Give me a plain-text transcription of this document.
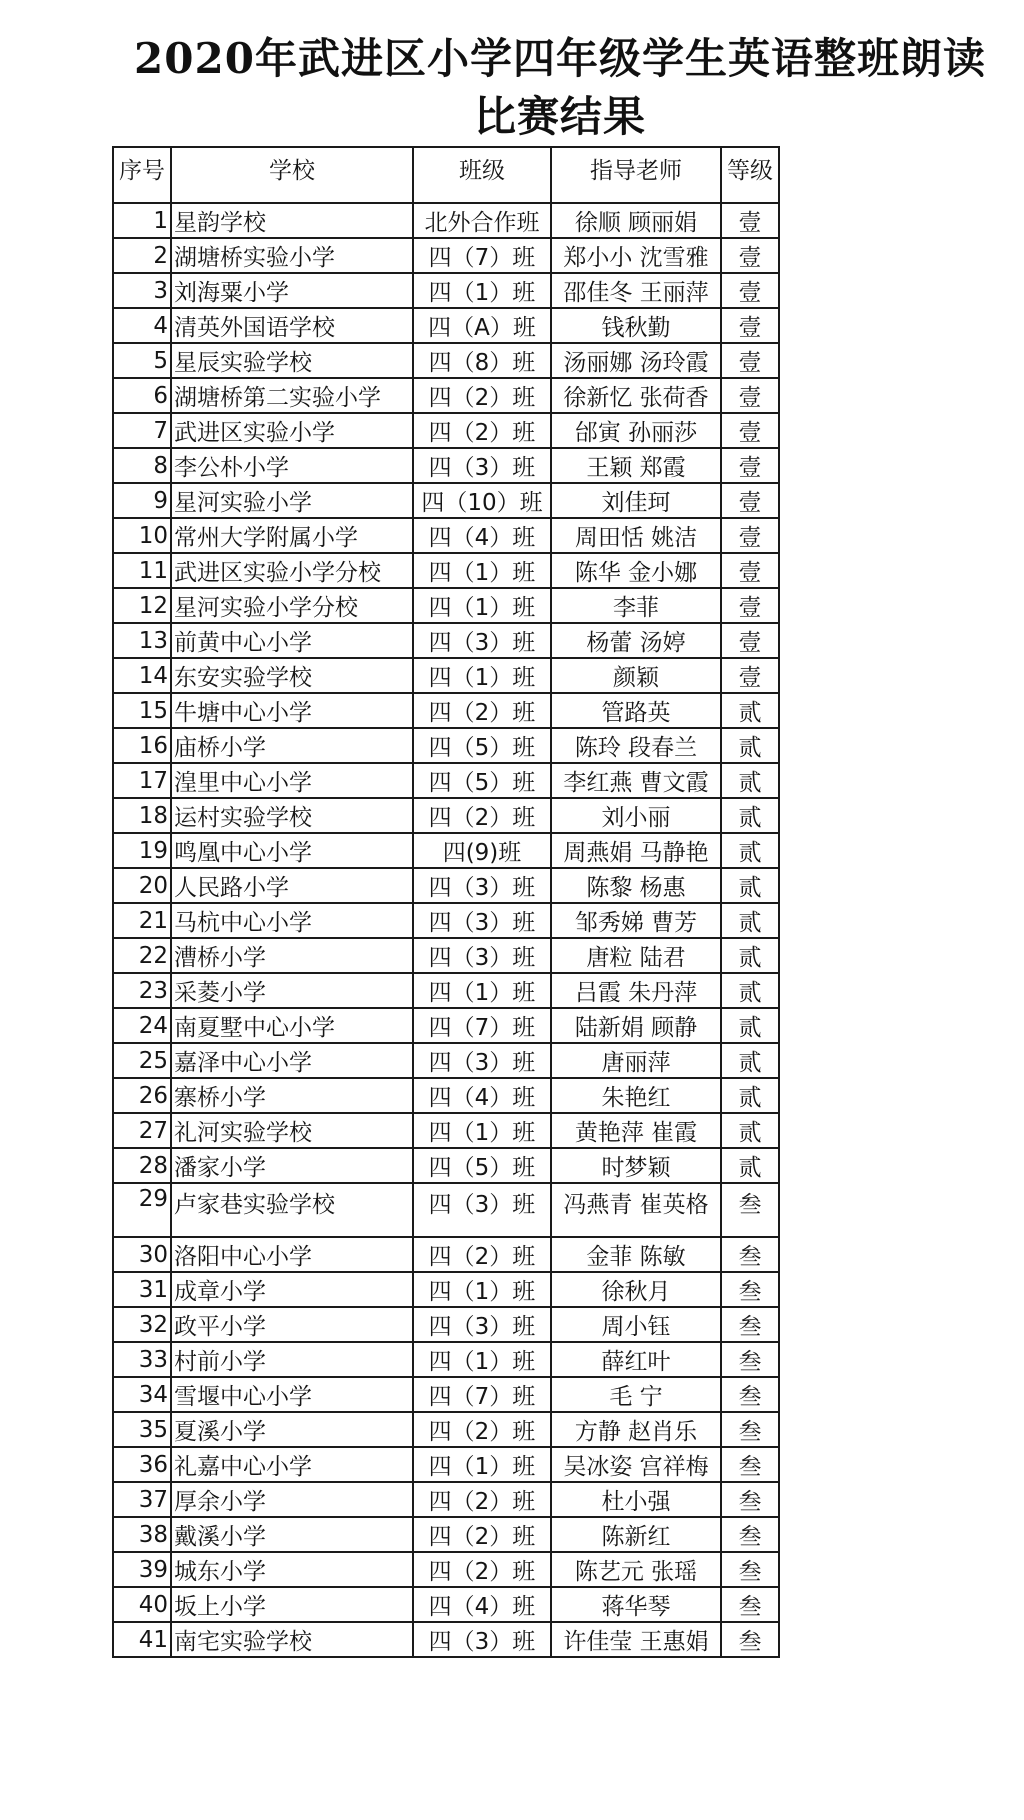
2020年武进区小学四年级学生英语整班朗读
比赛结果
序号	学校	班级	指导老师	等级
1	星韵学校	北外合作班	徐顺 顾丽娟	壹
2	湖塘桥实验小学	四（7）班	郑小小 沈雪雅	壹
3	刘海粟小学	四（1）班	邵佳冬 王丽萍	壹
4	清英外国语学校	四（A）班	钱秋勤	壹
5	星辰实验学校	四（8）班	汤丽娜 汤玲霞	壹
6	湖塘桥第二实验小学	四（2）班	徐新忆 张荷香	壹
7	武进区实验小学	四（2）班	邰寅 孙丽莎	壹
8	李公朴小学	四（3）班	王颖 郑霞	壹
9	星河实验小学	四（10）班	刘佳珂	壹
10	常州大学附属小学	四（4）班	周田恬 姚洁	壹
11	武进区实验小学分校	四（1）班	陈华 金小娜	壹
12	星河实验小学分校	四（1）班	李菲	壹
13	前黄中心小学	四（3）班	杨蕾 汤婷	壹
14	东安实验学校	四（1）班	颜颖	壹
15	牛塘中心小学	四（2）班	管路英	贰
16	庙桥小学	四（5）班	陈玲 段春兰	贰
17	湟里中心小学	四（5）班	李红燕 曹文霞	贰
18	运村实验学校	四（2）班	刘小丽	贰
19	鸣凰中心小学	四(9)班	周燕娟 马静艳	贰
20	人民路小学	四（3）班	陈黎 杨惠	贰
21	马杭中心小学	四（3）班	邹秀娣 曹芳	贰
22	漕桥小学	四（3）班	唐粒 陆君	贰
23	采菱小学	四（1）班	吕霞 朱丹萍	贰
24	南夏墅中心小学	四（7）班	陆新娟 顾静	贰
25	嘉泽中心小学	四（3）班	唐丽萍	贰
26	寨桥小学	四（4）班	朱艳红	贰
27	礼河实验学校	四（1）班	黄艳萍 崔霞	贰
28	潘家小学	四（5）班	时梦颖	贰
29	卢家巷实验学校	四（3）班	冯燕青 崔英格	叁
30	洛阳中心小学	四（2）班	金菲 陈敏	叁
31	成章小学	四（1）班	徐秋月	叁
32	政平小学	四（3）班	周小钰	叁
33	村前小学	四（1）班	薛红叶	叁
34	雪堰中心小学	四（7）班	毛 宁	叁
35	夏溪小学	四（2）班	方静 赵肖乐	叁
36	礼嘉中心小学	四（1）班	吴冰姿 宫祥梅	叁
37	厚余小学	四（2）班	杜小强	叁
38	戴溪小学	四（2）班	陈新红	叁
39	城东小学	四（2）班	陈艺元 张瑶	叁
40	坂上小学	四（4）班	蒋华琴	叁
41	南宅实验学校	四（3）班	许佳莹 王惠娟	叁
